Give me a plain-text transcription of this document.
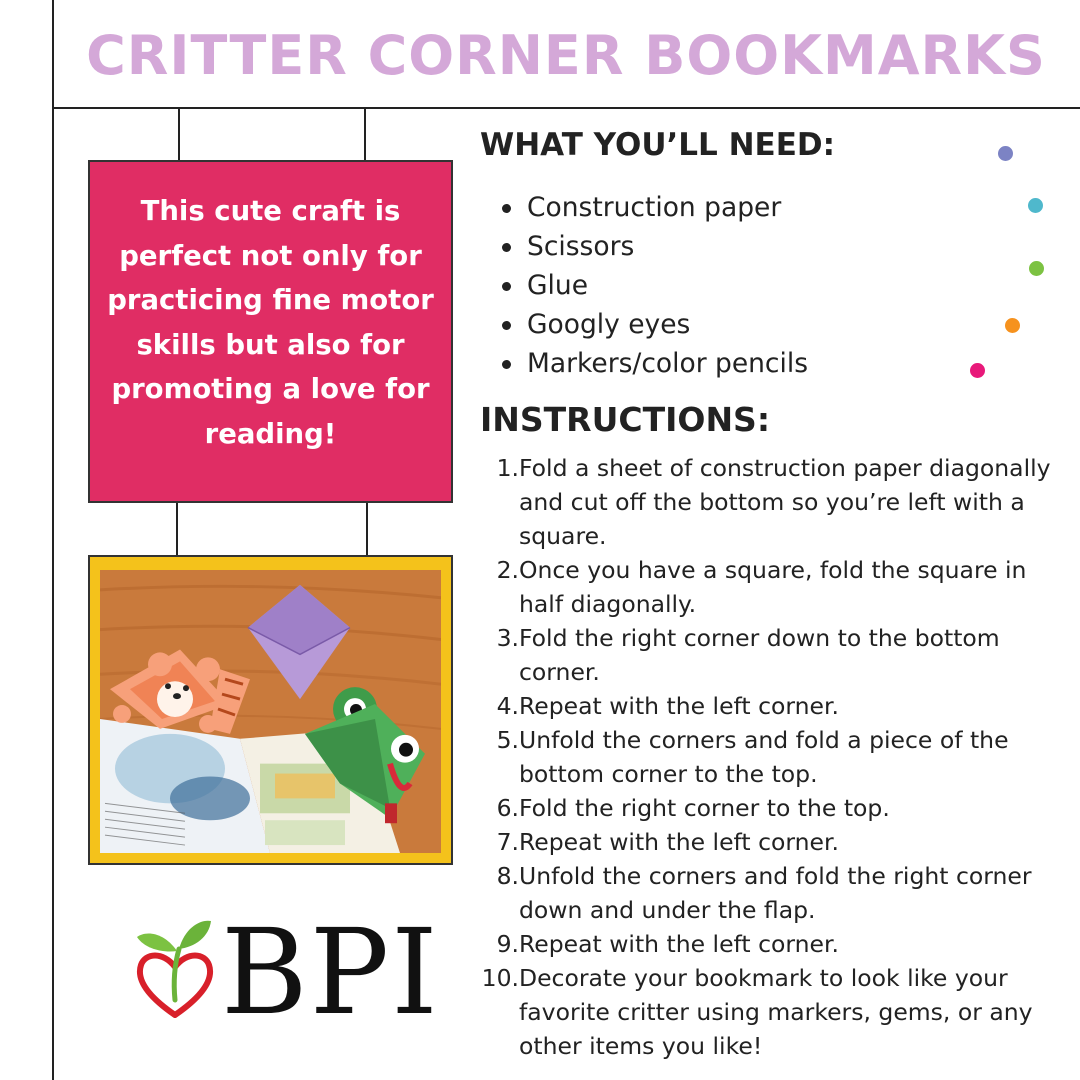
CRITTER CORNER BOOKMARKS

This cute craft is perfect not only for practicing fine motor skills but also for promoting a love for reading!

BPI
WHAT YOU’LL NEED:
Construction paper
Scissors
Glue
Googly eyes
Markers/color pencils
INSTRUCTIONS:
1. Fold a sheet of construction paper diagonally and cut off the bottom so you’re left with a square.
2. Once you have a square, fold the square in half diagonally.
3. Fold the right corner down to the bottom corner.
4. Repeat with the left corner.
5. Unfold the corners and fold a piece of the bottom corner to the top.
6. Fold the right corner to the top.
7. Repeat with the left corner.
8. Unfold the corners and fold the right corner down and under the flap.
9. Repeat with the left corner.
10. Decorate your bookmark to look like your favorite critter using markers, gems, or any other items you like!
